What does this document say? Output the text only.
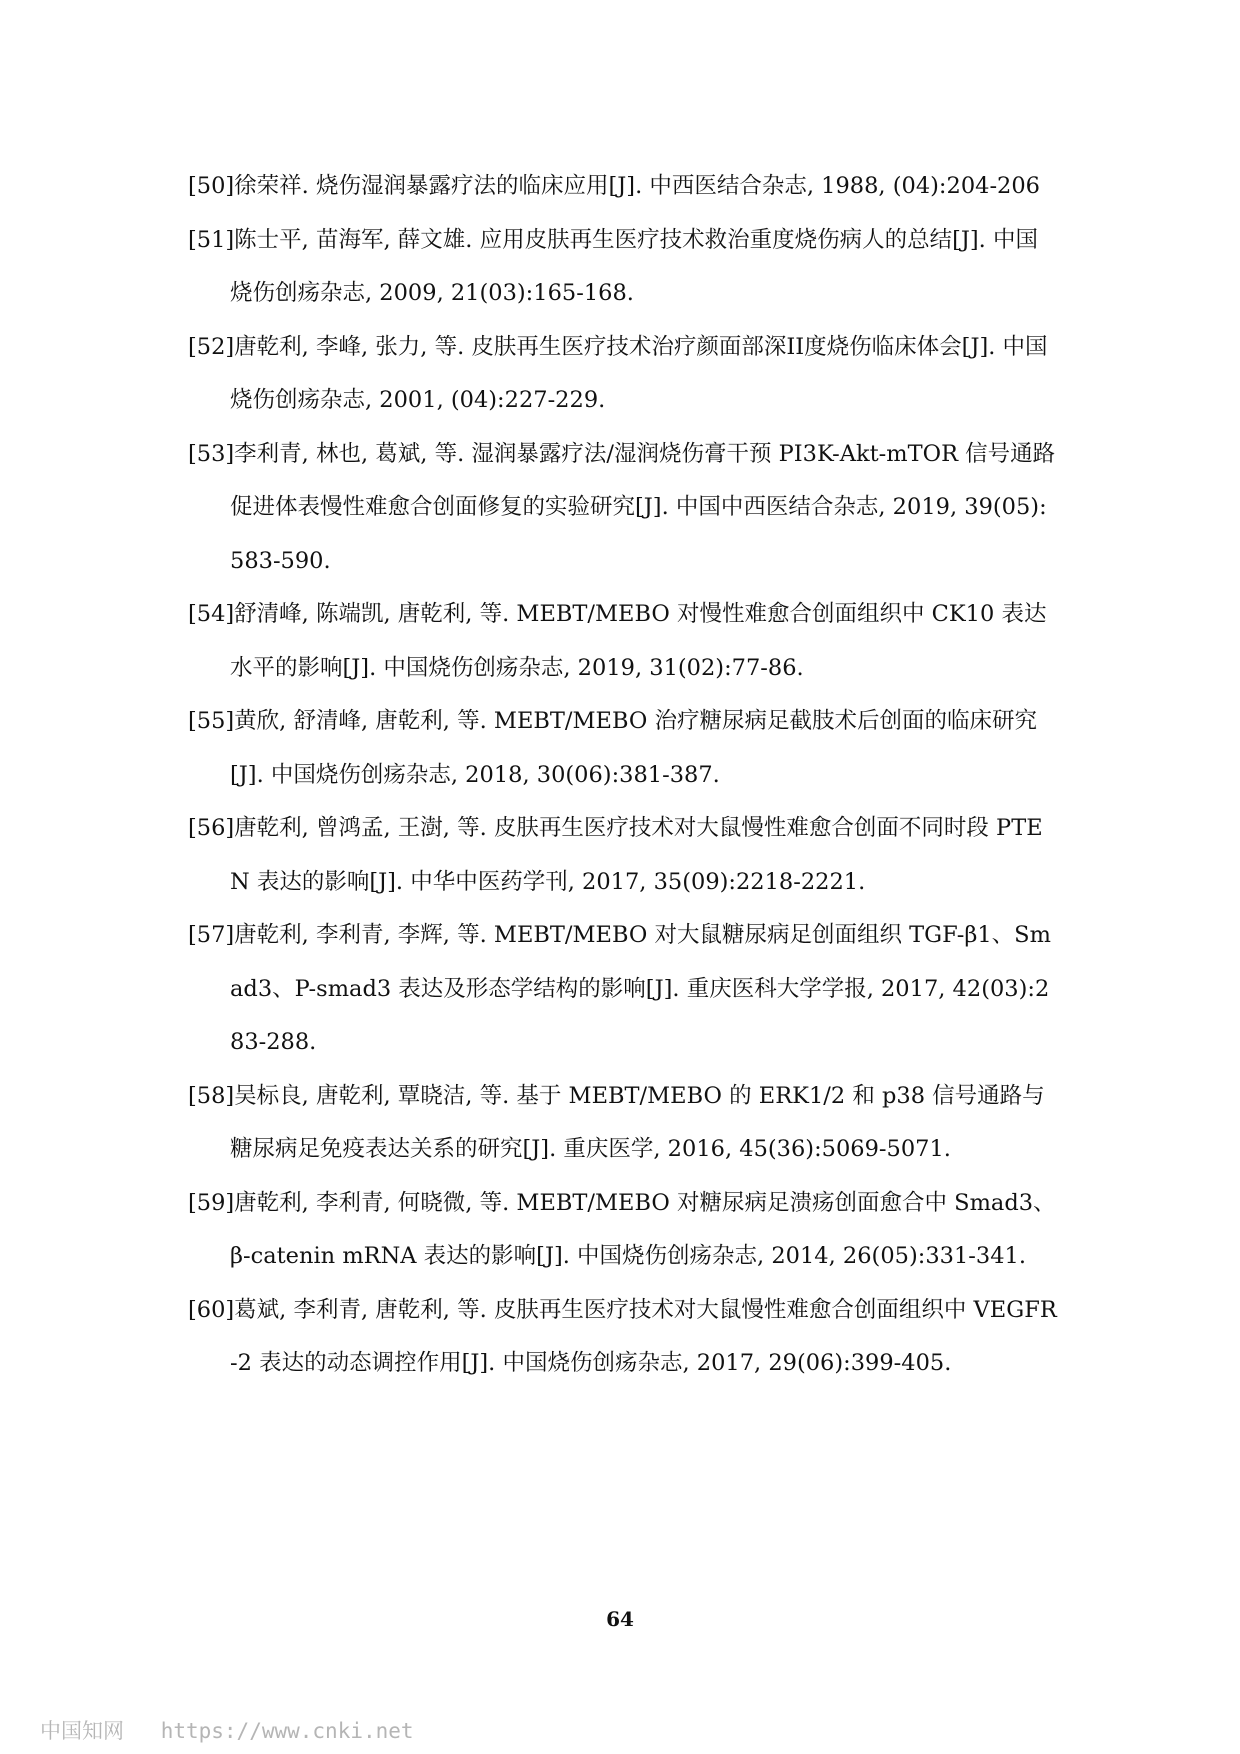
[50]徐荣祥. 烧伤湿润暴露疗法的临床应用[J]. 中西医结合杂志, 1988, (04):204-206

[51]陈士平, 苗海军, 薛文雄. 应用皮肤再生医疗技术救治重度烧伤病人的总结[J]. 中国烧伤创疡杂志, 2009, 21(03):165-168.

[52]唐乾利, 李峰, 张力, 等. 皮肤再生医疗技术治疗颜面部深II度烧伤临床体会[J]. 中国烧伤创疡杂志, 2001, (04):227-229.

[53]李利青, 林也, 葛斌, 等. 湿润暴露疗法/湿润烧伤膏干预 PI3K-Akt-mTOR 信号通路促进体表慢性难愈合创面修复的实验研究[J]. 中国中西医结合杂志, 2019, 39(05):583-590.

[54]舒清峰, 陈端凯, 唐乾利, 等. MEBT/MEBO 对慢性难愈合创面组织中 CK10 表达水平的影响[J]. 中国烧伤创疡杂志, 2019, 31(02):77-86.

[55]黄欣, 舒清峰, 唐乾利, 等. MEBT/MEBO 治疗糖尿病足截肢术后创面的临床研究[J]. 中国烧伤创疡杂志, 2018, 30(06):381-387.

[56]唐乾利, 曾鸿孟, 王澍, 等. 皮肤再生医疗技术对大鼠慢性难愈合创面不同时段 PTEN 表达的影响[J]. 中华中医药学刊, 2017, 35(09):2218-2221.

[57]唐乾利, 李利青, 李辉, 等. MEBT/MEBO 对大鼠糖尿病足创面组织 TGF-β1、Smad3、P-smad3 表达及形态学结构的影响[J]. 重庆医科大学学报, 2017, 42(03):283-288.

[58]吴标良, 唐乾利, 覃晓洁, 等. 基于 MEBT/MEBO 的 ERK1/2 和 p38 信号通路与糖尿病足免疫表达关系的研究[J]. 重庆医学, 2016, 45(36):5069-5071.

[59]唐乾利, 李利青, 何晓微, 等. MEBT/MEBO 对糖尿病足溃疡创面愈合中 Smad3、β-catenin mRNA 表达的影响[J]. 中国烧伤创疡杂志, 2014, 26(05):331-341.

[60]葛斌, 李利青, 唐乾利, 等. 皮肤再生医疗技术对大鼠慢性难愈合创面组织中 VEGFR-2 表达的动态调控作用[J]. 中国烧伤创疡杂志, 2017, 29(06):399-405.

64
中国知网 https://www.cnki.net
